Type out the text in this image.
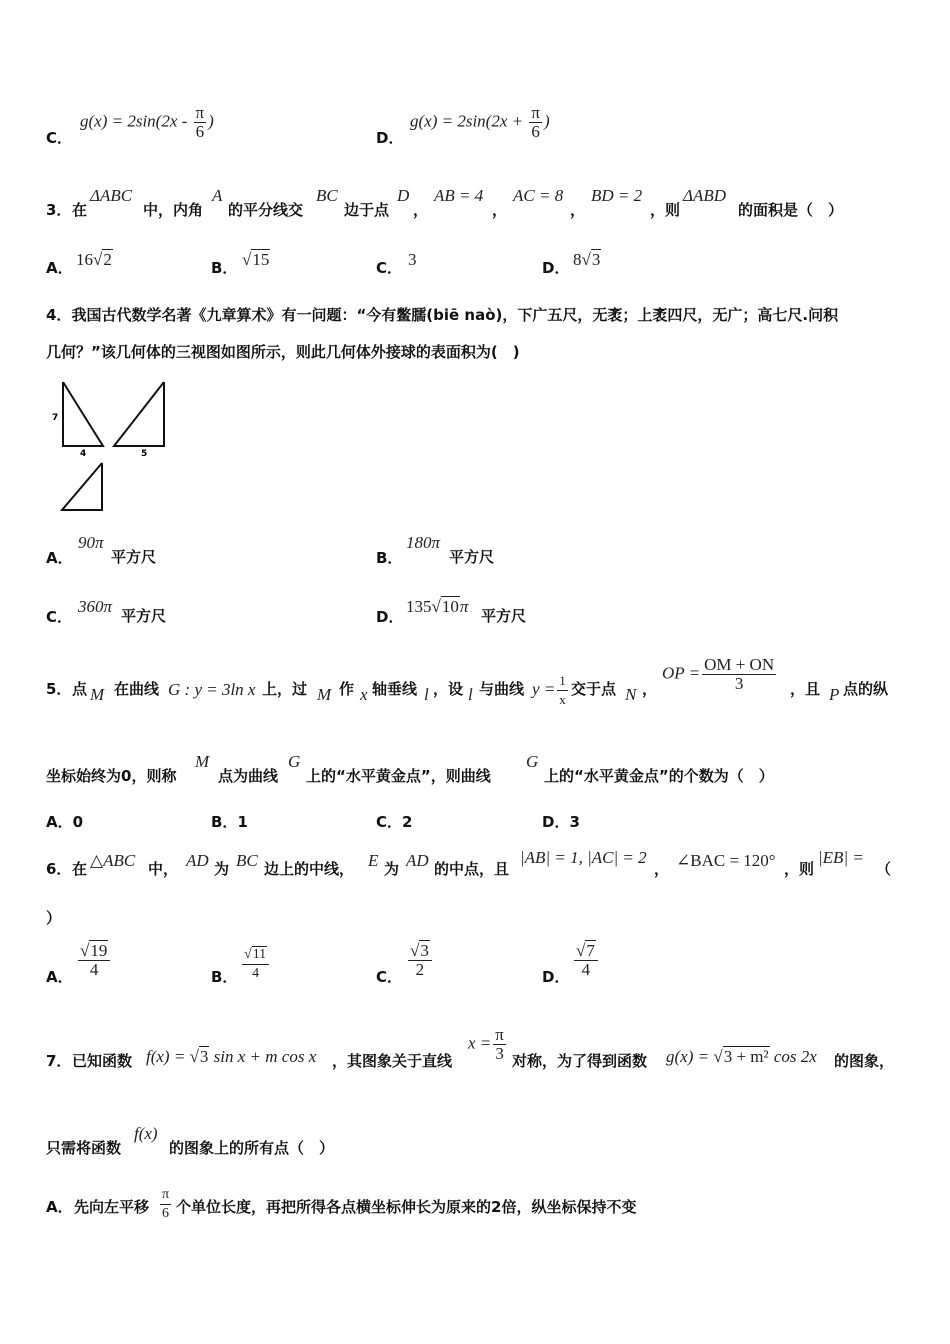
C．
$g(x) = 2\sin(2x - \frac{\pi}{6}$ )
D．
$g(x) = 2\sin(2x + \frac{\pi}{6}$ )
3． 在
ΔABC
中，内角
A
的平分线交
BC
边于点
D
，
AB = 4
，
AC = 8
，
BD = 2
，则
ΔABD
的面积是（　）
A． 16√2	B． √15	C． 3	D． 8√3
4．我国古代数学名著《九章算术》有一问题：“今有鳖臑(biē naò)，下广五尺，无袤；上袤四尺，无广；高七尺.问积
几何？”该几何体的三视图如图所示，则此几何体外接球的表面积为(　)
7
4	5
A．
90π
平方尺	B．
180π
平方尺
C．
360π 平方尺	D．
135√10π 平方尺
5． 点 M 在曲线 G : y = 3ln x 上，过 M 作 x 轴垂线 l ，设 l 与曲线 $y = \frac{1}{x}$ 交于点 N ，
OP = $\frac{OM + ON}{3}$ ，且 P 点的纵
坐标始终为0，则称
M
点为曲线
G
上的“水平黄金点”，则曲线
G
上的“水平黄金点”的个数为（　）
A．0	B．1	C．2	D．3
6． 在 △ABC 中， AD 为 BC 边上的中线， E 为 AD 的中点，且
|AB| = 1, |AC| = 2
， ∠BAC = 120° ，则
|EB| =
（
）
A． $\frac{√19}{4}$	B． $\frac{√11}{4}$	C． $\frac{√3}{2}$	D． $\frac{√7}{4}$
7． 已知函数 f(x) = √3 sin x + m cos x ，其图象关于直线
$x = \frac{\pi}{3}$ 对称，为了得到函数 g(x) = √3 + m² cos 2x 的图象，
只需将函数
f(x)
的图象上的所有点（　）
A． 先向左平移 $\frac{\pi}{6}$ 个单位长度，再把所得各点横坐标伸长为原来的2倍，纵坐标保持不变
